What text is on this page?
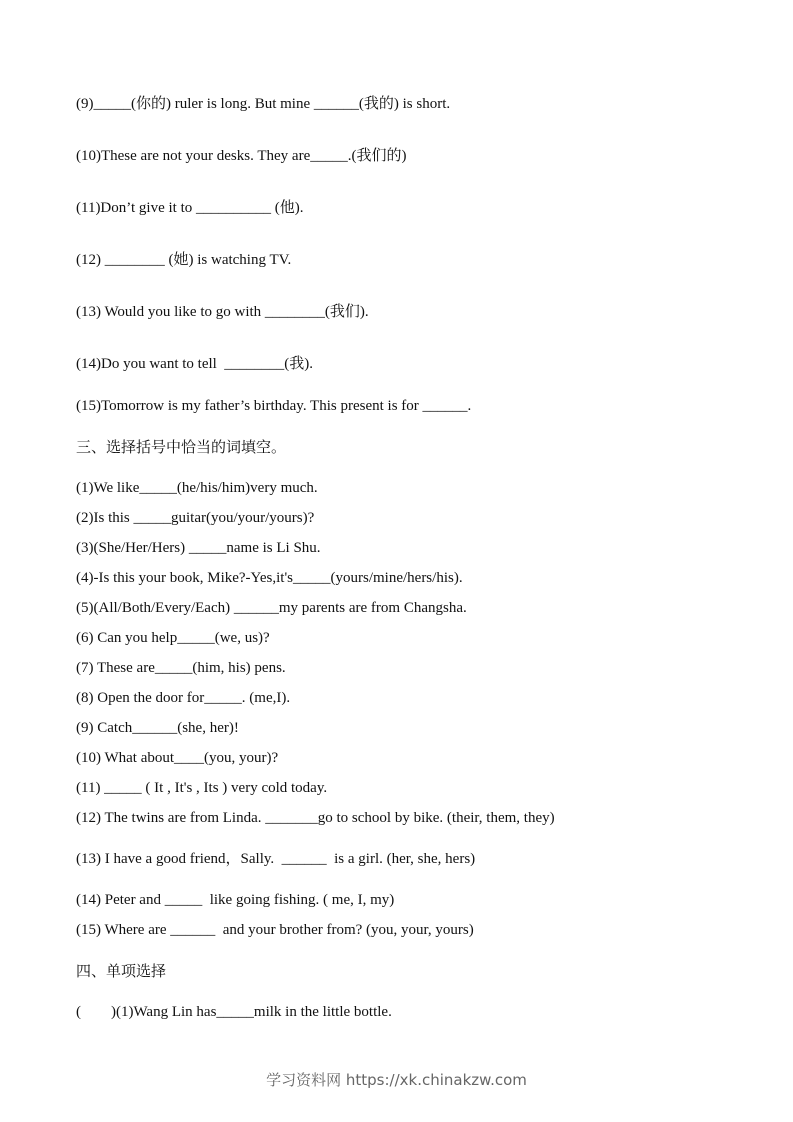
(9)_____(你的) ruler is long. But mine ______(我的) is short.

(10)These are not your desks. They are_____.(我们的)

(11)Don’t give it to __________ (他).

(12) ________ (她) is watching TV.

(13) Would you like to go with ________(我们).

(14)Do you want to tell  ________(我).

(15)Tomorrow is my father’s birthday. This present is for ______.

三、选择括号中恰当的词填空。

(1)We like_____(he/his/him)very much.

(2)Is this _____guitar(you/your/yours)?

(3)(She/Her/Hers) _____name is Li Shu.

(4)-Is this your book, Mike?-Yes,it's_____(yours/mine/hers/his).

(5)(All/Both/Every/Each) ______my parents are from Changsha.

(6) Can you help_____(we, us)?

(7) These are_____(him, his) pens.

(8) Open the door for_____. (me,I).

(9) Catch______(she, her)!

(10) What about____(you, your)?

(11) _____ ( It , It's , Its ) very cold today.

(12) The twins are from Linda. _______go to school by bike. (their, them, they)

(13) I have a good friend，Sally.  ______  is a girl. (her, she, hers)

(14) Peter and _____  like going fishing. ( me, I, my)

(15) Where are ______  and your brother from? (you, your, yours)

四、单项选择

(        )(1)Wang Lin has_____milk in the little bottle.

学习资料网 https://xk.chinakzw.com
